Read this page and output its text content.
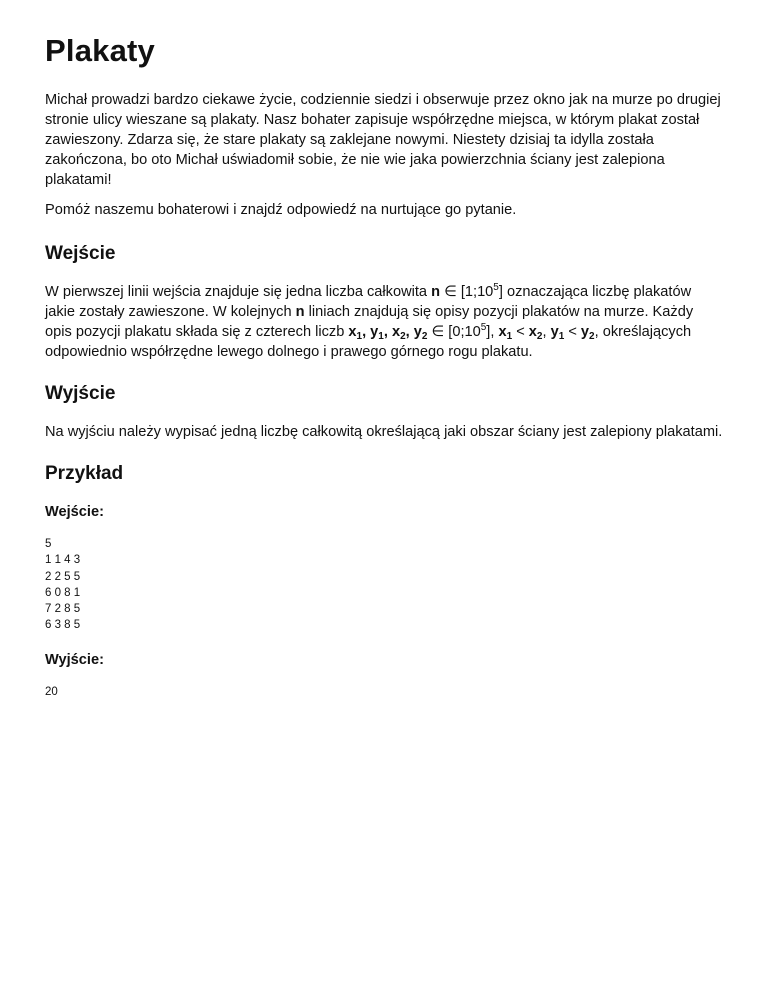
Plakaty

Michał prowadzi bardzo ciekawe życie, codziennie siedzi i obserwuje przez okno jak na murze po drugiej stronie ulicy wieszane są plakaty. Nasz bohater zapisuje współrzędne miejsca, w którym plakat został zawieszony. Zdarza się, że stare plakaty są zaklejane nowymi. Niestety dzisiaj ta idylla została zakończona, bo oto Michał uświadomił sobie, że nie wie jaka powierzchnia ściany jest zalepiona plakatami!

Pomóż naszemu bohaterowi i znajdź odpowiedź na nurtujące go pytanie.

Wejście

W pierwszej linii wejścia znajduje się jedna liczba całkowita n ∈ $[1;10^5]$ oznaczająca liczbę plakatów jakie zostały zawieszone. W kolejnych n liniach znajdują się opisy pozycji plakatów na murze. Każdy opis pozycji plakatu składa się z czterech liczb $x_1$, $y_1$, $x_2$, $y_2$ ∈ $[0;10^5]$, $x_1 < x_2$, $y_1 < y_2$, określających odpowiednio współrzędne lewego dolnego i prawego górnego rogu plakatu.

Wyjście

Na wyjściu należy wypisać jedną liczbę całkowitą określającą jaki obszar ściany jest zalepiony plakatami.

Przykład
Wejście:
5
1 1 4 3
2 2 5 5
6 0 8 1
7 2 8 5
6 3 8 5
Wyjście:
20
